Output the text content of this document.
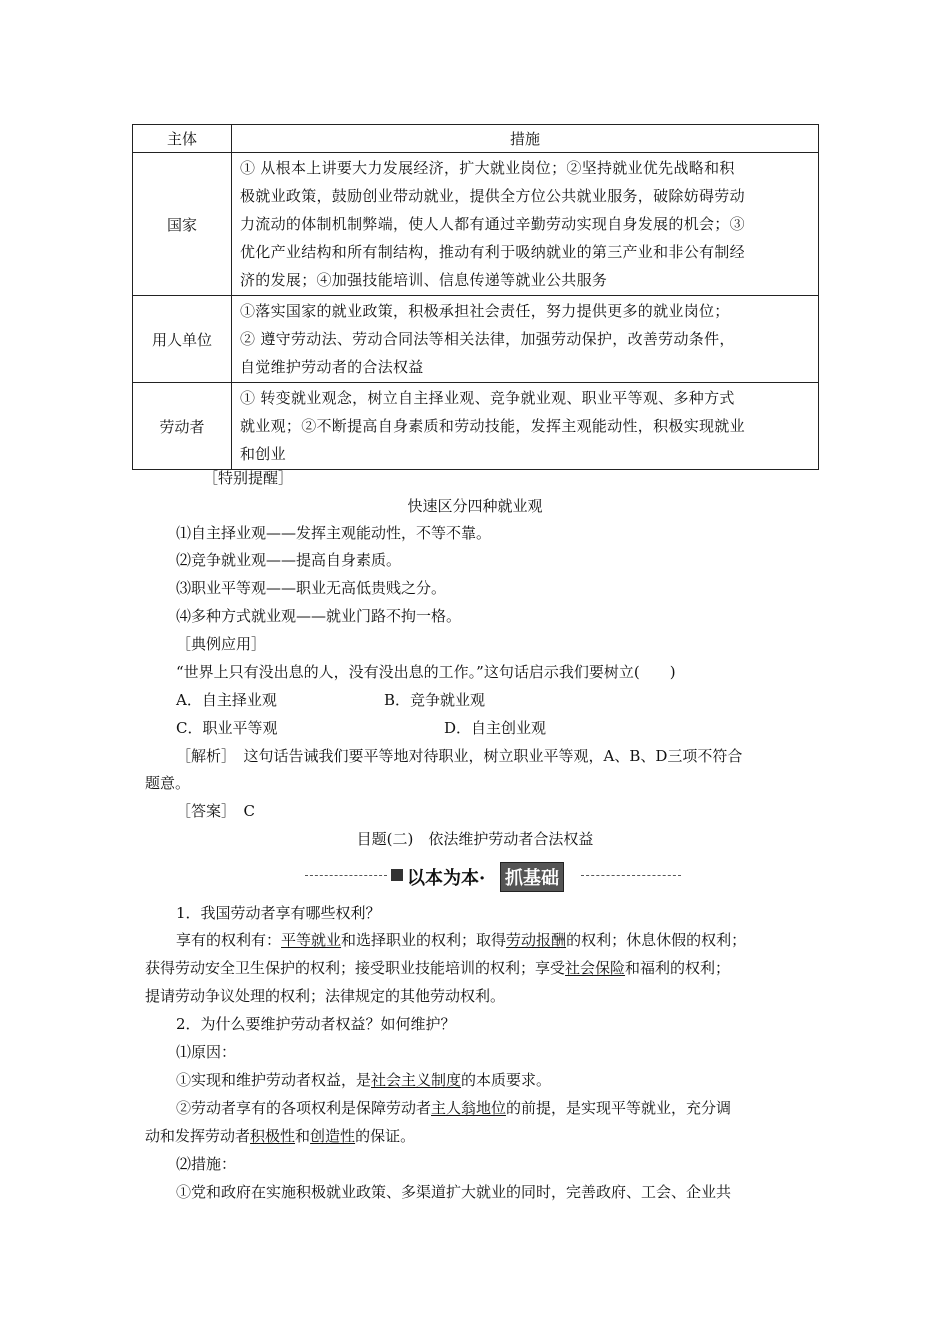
主体	措施
国家	① 从根本上讲要大力发展经济，扩大就业岗位；②坚持就业优先战略和积
极就业政策，鼓励创业带动就业，提供全方位公共就业服务，破除妨碍劳动
力流动的体制机制弊端，使人人都有通过辛勤劳动实现自身发展的机会；③
优化产业结构和所有制结构，推动有利于吸纳就业的第三产业和非公有制经
济的发展；④加强技能培训、信息传递等就业公共服务

用人单位	①落实国家的就业政策，积极承担社会责任，努力提供更多的就业岗位；
② 遵守劳动法、劳动合同法等相关法律，加强劳动保护，改善劳动条件，
自觉维护劳动者的合法权益

劳动者	① 转变就业观念，树立自主择业观、竞争就业观、职业平等观、多种方式
就业观；②不断提高自身素质和劳动技能，发挥主观能动性，积极实现就业
和创业
［特别提醒］
快速区分四种就业观
⑴自主择业观——发挥主观能动性，不等不靠。
⑵竞争就业观——提高自身素质。
⑶职业平等观——职业无高低贵贱之分。
⑷多种方式就业观——就业门路不拘一格。
［典例应用］
“世界上只有没出息的人，没有没出息的工作。”这句话启示我们要树立(　　)
A．自主择业观	B．竞争就业观
C．职业平等观	D．自主创业观
［解析］　这句话告诫我们要平等地对待职业，树立职业平等观，A、B、D三项不符合
题意。
［答案］　C
目题(二)　依法维护劳动者合法权益
以本为本· 抓基础
1．我国劳动者享有哪些权利？
享有的权利有：平等就业和选择职业的权利；取得劳动报酬的权利；休息休假的权利；
获得劳动安全卫生保护的权利；接受职业技能培训的权利；享受社会保险和福利的权利；
提请劳动争议处理的权利；法律规定的其他劳动权利。
2．为什么要维护劳动者权益？如何维护？
⑴原因：
①实现和维护劳动者权益，是社会主义制度的本质要求。
②劳动者享有的各项权利是保障劳动者主人翁地位的前提，是实现平等就业，充分调
动和发挥劳动者积极性和创造性的保证。
⑵措施：
①党和政府在实施积极就业政策、多渠道扩大就业的同时，完善政府、工会、企业共
